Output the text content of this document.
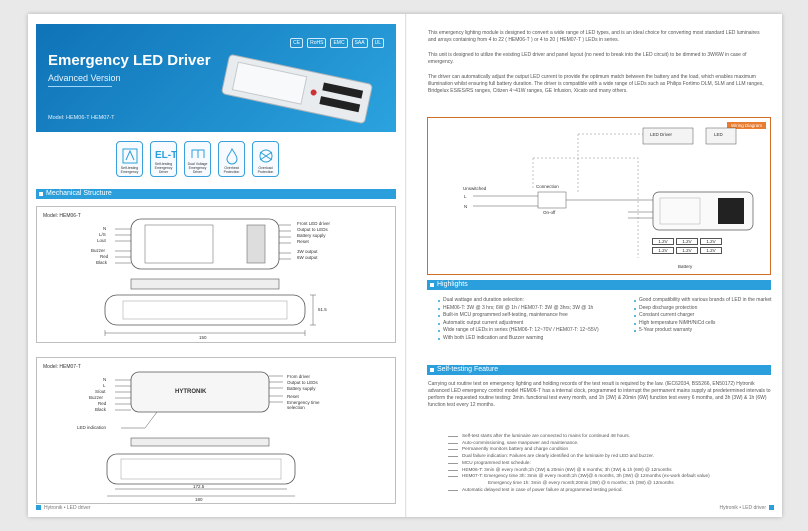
CE	RoHS	EMC	SAA	UL
Emergency LED Driver
Advanced Version
Model: HEM06-T HEM07-T
Self-testing Emergency
EL-T
Self-testing Emergency Driver
Dual Voltage Emergency Driver
Overheat Protection
Overload Protection
Mechanical Structure
Model: HEM06-T
Front LED driver
Output to LEDs
Battery supply
Reset
3W output
6W output
N
L/S
Lout
Buzzer
Red
Black
150
51.5
Model: HEM07-T
HYTRONIK
From driver
Output to LEDs
Battery supply
Reset
Emergency time selection
N
L
S/out
Buzzer
Red
Black
LED indication
172.5
180
Hytronik • LED driver

This emergency lighting module is designed to convert a wide range of LED types, and is an ideal choice for converting most standard LED luminaires and arrays containing from 4 to 22 ( HEM06-T ) or 4 to 20 ( HEM07-T ) LEDs in series.

This unit is designed to utilize the existing LED driver and panel layout (no need to break into the LED circuit) to be dimmed to 3W/6W in case of emergency.

The driver can automatically adjust the output LED current to provide the optimum match between the battery and the load, which enables maximum illumination whilst ensuring full battery duration. The driver is compatible with a wide range of LEDs such as Philips Fortimo DLM, SLM and LLM ranges, Bridgelux ES/ES/RS ranges, Citizen 4~41W ranges, GE Infusion, Xicato and many others.

Wiring Diagram
Unswitched
L
N
Connection
On-off
LED Driver	LED
1.2V	1.2V	1.2V
1.2V	1.2V	1.2V
Battery
Highlights
Dual wattage and duration selection:
HEM06-T: 3W @ 3 hrs; 6W @ 1h / HEM07-T: 3W @ 3hrs; 3W @ 1h
Built-in MCU programmed self-testing, maintenance free
Automatic output current adjustment
Wide range of LEDs in series (HEM06-T: 12~70V / HEM07-T: 12~55V)
With both LED indication and Buzzer warning
Good compatibility with various brands of LED in the market
Deep discharge protection
Constant current charger
High temperature NiMH/NiCd cells
5-Year product warranty
Self-testing Feature

Carrying out routine test on emergency lighting and holding records of the test result is required by the law. (IEC62034, BS5266, EN50172) Hytronik advanced LED emergency control model HEM06-T has a internal clock, programmed to interrupt the permanent mains supply at predetermined intervals to perform the requested routine testing: 3min. functional test every month, and 1h (3W) & 20min (6W) function test every 6 months, and 3h (3W) & 1h (6W) function test every 12 months.

Self-test starts after the luminaire are connected to mains for continued 48 hours.
Auto-commissioning, save manpower and maintenance.
Permanently monitors battery and charge condition
Dual failure indication: Failures are clearly identified on the luminaire by red LED and buzzer.
MCU programmed test schedule:
HEM06-T: 3min @ every month;1h (3W) & 20min (6W) @ 6 months; 3h (3W) & 1h (6W) @ 12months
HEM07-T: Emergency time 3h: 3min @ every month;1h (3W)@ 6 months, 3h (3W) @ 12months (ex-work default value)
Emergency time 1h: 3min @ every month;20min (3W) @ 6 months; 1h (3W) @ 12months
Automatic delayed test in case of power failure at programmed testing period.
Hytronik • LED driver
